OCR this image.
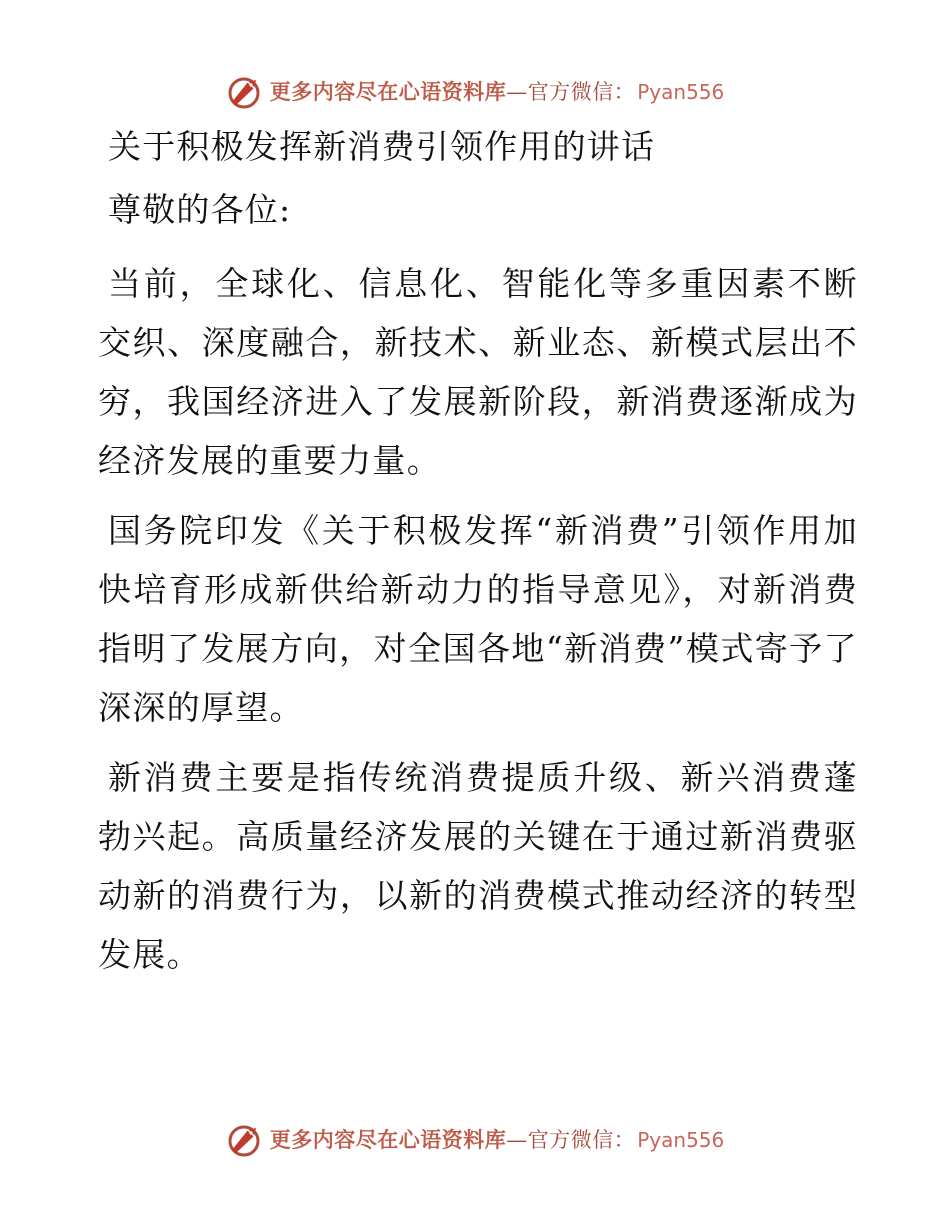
更多内容尽在心语资料库 — 官方微信： Pyan556
关于积极发挥新消费引领作用的讲话
尊敬的各位:

当前，全球化、信息化、智能化等多重因素不断交织、深度融合，新技术、新业态、新模式层出不穷，我国经济进入了发展新阶段，新消费逐渐成为经济发展的重要力量。

国务院印发《关于积极发挥“新消费”引领作用加快培育形成新供给新动力的指导意见》，对新消费指明了发展方向，对全国各地“新消费”模式寄予了深深的厚望。

新消费主要是指传统消费提质升级、新兴消费蓬勃兴起。高质量经济发展的关键在于通过新消费驱动新的消费行为，以新的消费模式推动经济的转型发展。

更多内容尽在心语资料库 — 官方微信： Pyan556
